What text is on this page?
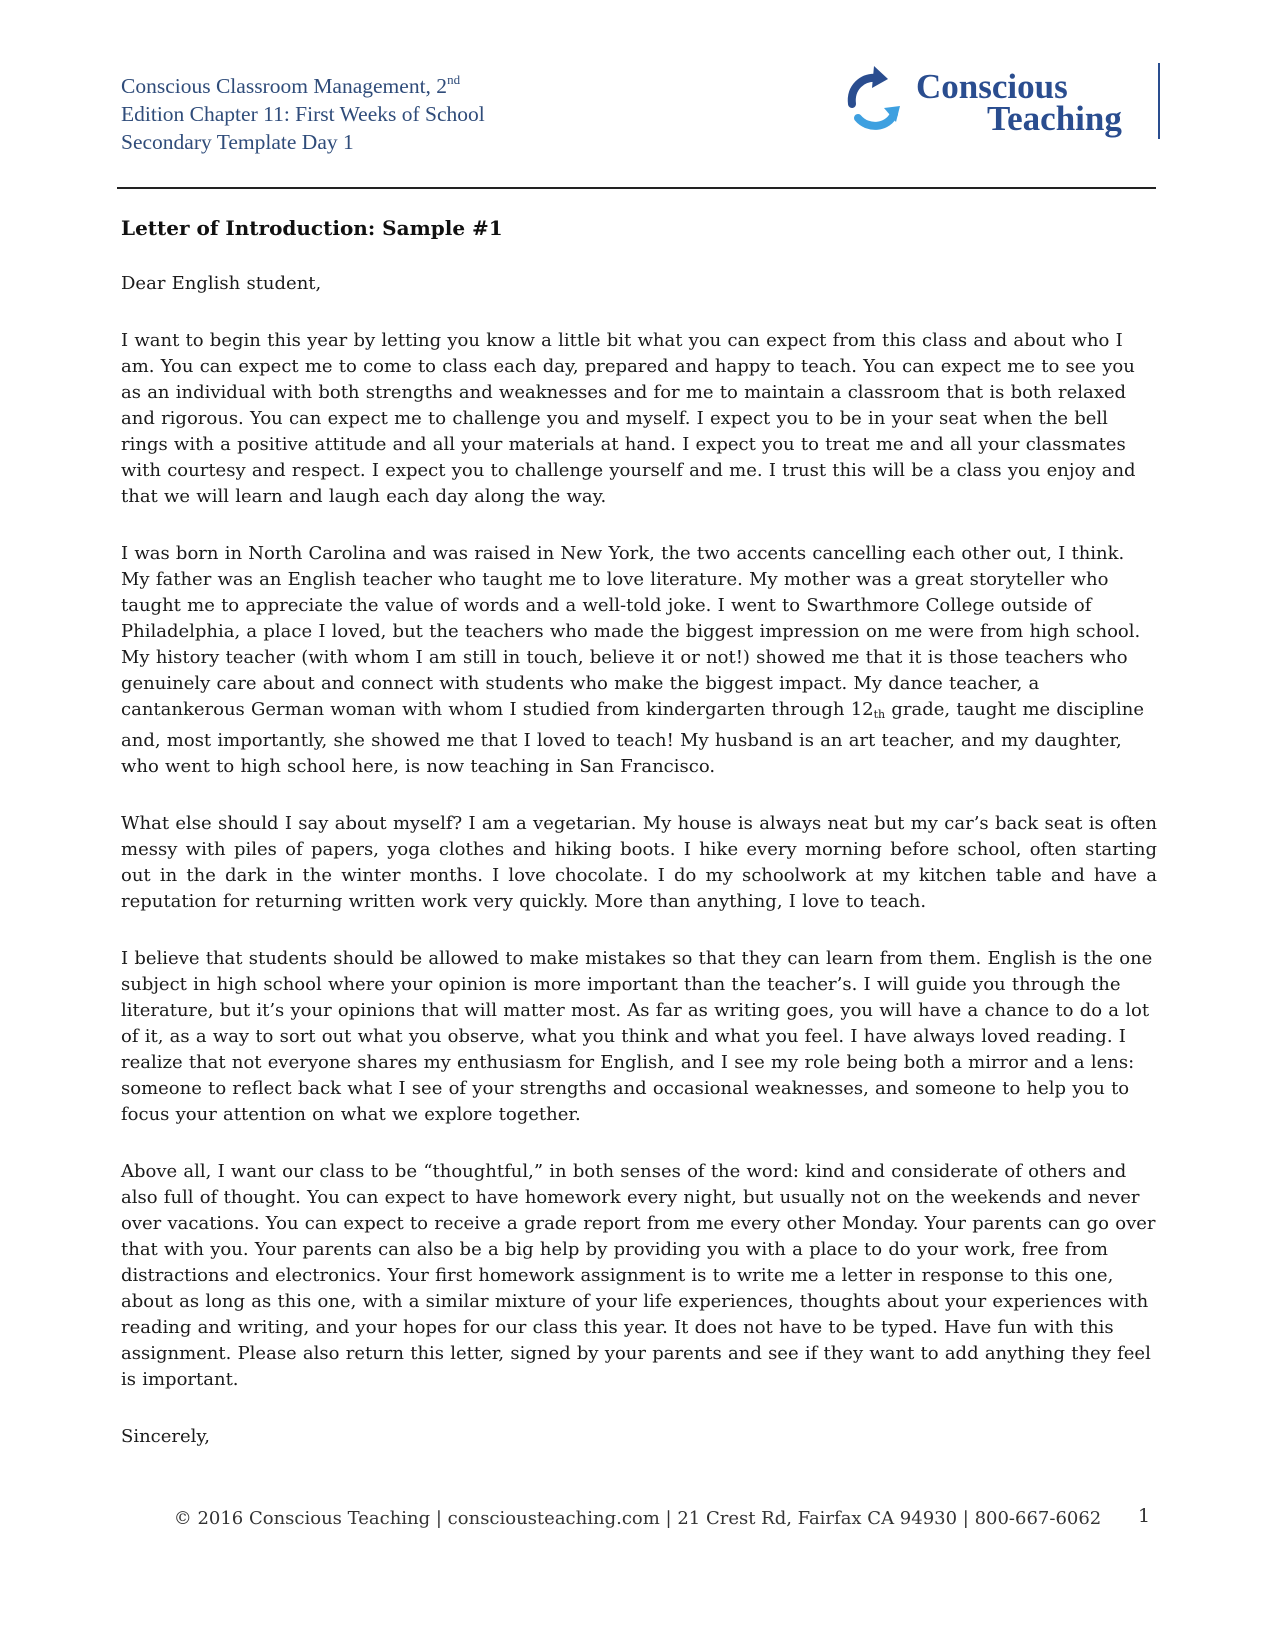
Conscious Classroom Management, 2nd
Edition Chapter 11: First Weeks of School
Secondary Template Day 1
Conscious
Teaching
Letter of Introduction: Sample #1

Dear English student,

I want to begin this year by letting you know a little bit what you can expect from this class and about who I am. You can expect me to come to class each day, prepared and happy to teach. You can expect me to see you as an individual with both strengths and weaknesses and for me to maintain a classroom that is both relaxed and rigorous. You can expect me to challenge you and myself. I expect you to be in your seat when the bell rings with a positive attitude and all your materials at hand. I expect you to treat me and all your classmates with courtesy and respect. I expect you to challenge yourself and me. I trust this will be a class you enjoy and that we will learn and laugh each day along the way.

I was born in North Carolina and was raised in New York, the two accents cancelling each other out, I think. My father was an English teacher who taught me to love literature. My mother was a great storyteller who taught me to appreciate the value of words and a well-told joke. I went to Swarthmore College outside of Philadelphia, a place I loved, but the teachers who made the biggest impression on me were from high school. My history teacher (with whom I am still in touch, believe it or not!) showed me that it is those teachers who genuinely care about and connect with students who make the biggest impact. My dance teacher, a cantankerous German woman with whom I studied from kindergarten through 12th grade, taught me discipline and, most importantly, she showed me that I loved to teach! My husband is an art teacher, and my daughter, who went to high school here, is now teaching in San Francisco.

What else should I say about myself? I am a vegetarian. My house is always neat but my car’s back seat is often messy with piles of papers, yoga clothes and hiking boots. I hike every morning before school, often starting out in the dark in the winter months. I love chocolate. I do my schoolwork at my kitchen table and have a reputation for returning written work very quickly. More than anything, I love to teach.

I believe that students should be allowed to make mistakes so that they can learn from them. English is the one subject in high school where your opinion is more important than the teacher’s. I will guide you through the literature, but it’s your opinions that will matter most. As far as writing goes, you will have a chance to do a lot of it, as a way to sort out what you observe, what you think and what you feel. I have always loved reading. I realize that not everyone shares my enthusiasm for English, and I see my role being both a mirror and a lens: someone to reflect back what I see of your strengths and occasional weaknesses, and someone to help you to focus your attention on what we explore together.

Above all, I want our class to be “thoughtful,” in both senses of the word: kind and considerate of others and also full of thought. You can expect to have homework every night, but usually not on the weekends and never over vacations. You can expect to receive a grade report from me every other Monday. Your parents can go over that with you. Your parents can also be a big help by providing you with a place to do your work, free from distractions and electronics. Your first homework assignment is to write me a letter in response to this one, about as long as this one, with a similar mixture of your life experiences, thoughts about your experiences with reading and writing, and your hopes for our class this year. It does not have to be typed. Have fun with this assignment. Please also return this letter, signed by your parents and see if they want to add anything they feel is important.

Sincerely,

© 2016 Conscious Teaching | consciousteaching.com | 21 Crest Rd, Fairfax CA 94930 | 800-667-6062	1
